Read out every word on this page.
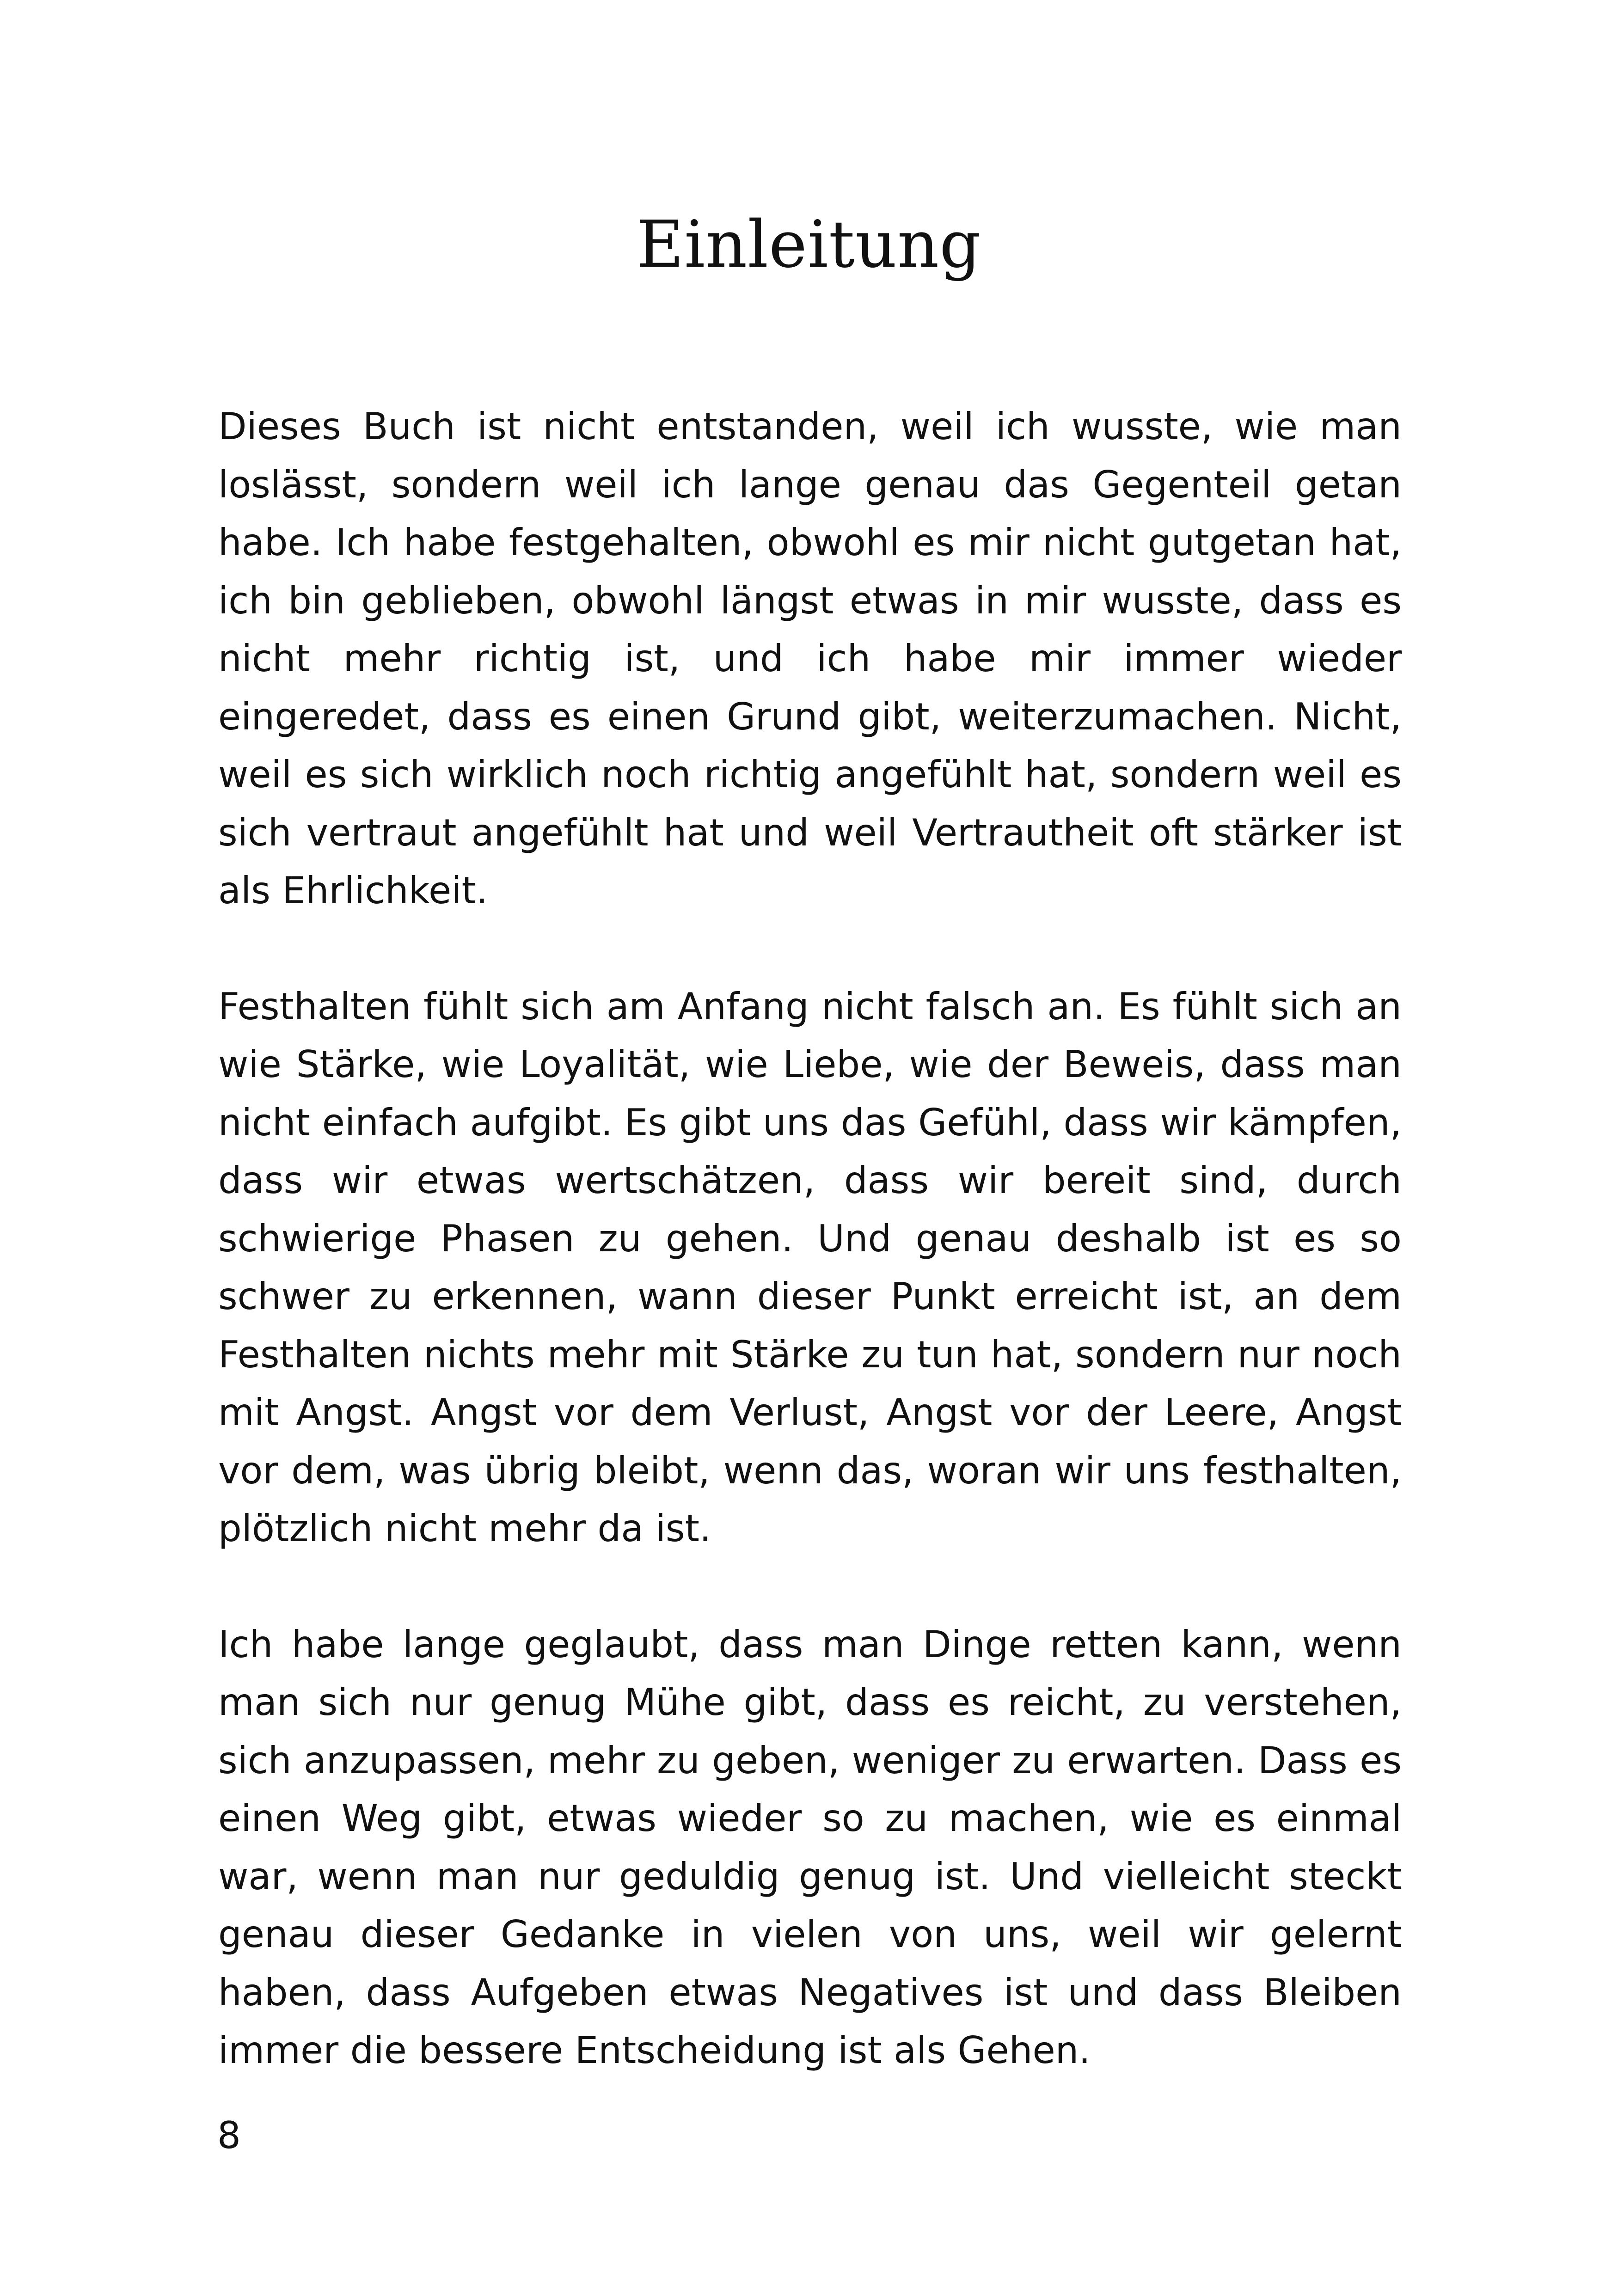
Einleitung

Dieses Buch ist nicht entstanden, weil ich wusste, wie man loslässt, sondern weil ich lange genau das Gegenteil getan habe. Ich habe festgehalten, obwohl es mir nicht gutgetan hat, ich bin geblieben, obwohl längst etwas in mir wusste, dass es nicht mehr richtig ist, und ich habe mir immer wieder eingeredet, dass es einen Grund gibt, weiterzumachen. Nicht, weil es sich wirklich noch richtig angefühlt hat, sondern weil es sich vertraut angefühlt hat und weil Vertrautheit oft stärker ist als Ehrlichkeit.

Festhalten fühlt sich am Anfang nicht falsch an. Es fühlt sich an wie Stärke, wie Loyalität, wie Liebe, wie der Beweis, dass man nicht einfach aufgibt. Es gibt uns das Gefühl, dass wir kämpfen, dass wir etwas wertschätzen, dass wir bereit sind, durch schwierige Phasen zu gehen. Und genau deshalb ist es so schwer zu erkennen, wann dieser Punkt erreicht ist, an dem Festhalten nichts mehr mit Stärke zu tun hat, sondern nur noch mit Angst. Angst vor dem Verlust, Angst vor der Leere, Angst vor dem, was übrig bleibt, wenn das, woran wir uns festhalten, plötzlich nicht mehr da ist.

Ich habe lange geglaubt, dass man Dinge retten kann, wenn man sich nur genug Mühe gibt, dass es reicht, zu verstehen, sich anzupassen, mehr zu geben, weniger zu erwarten. Dass es einen Weg gibt, etwas wieder so zu machen, wie es einmal war, wenn man nur geduldig genug ist. Und vielleicht steckt genau dieser Gedanke in vielen von uns, weil wir gelernt haben, dass Aufgeben etwas Negatives ist und dass Bleiben immer die bessere Entscheidung ist als Gehen.

8
